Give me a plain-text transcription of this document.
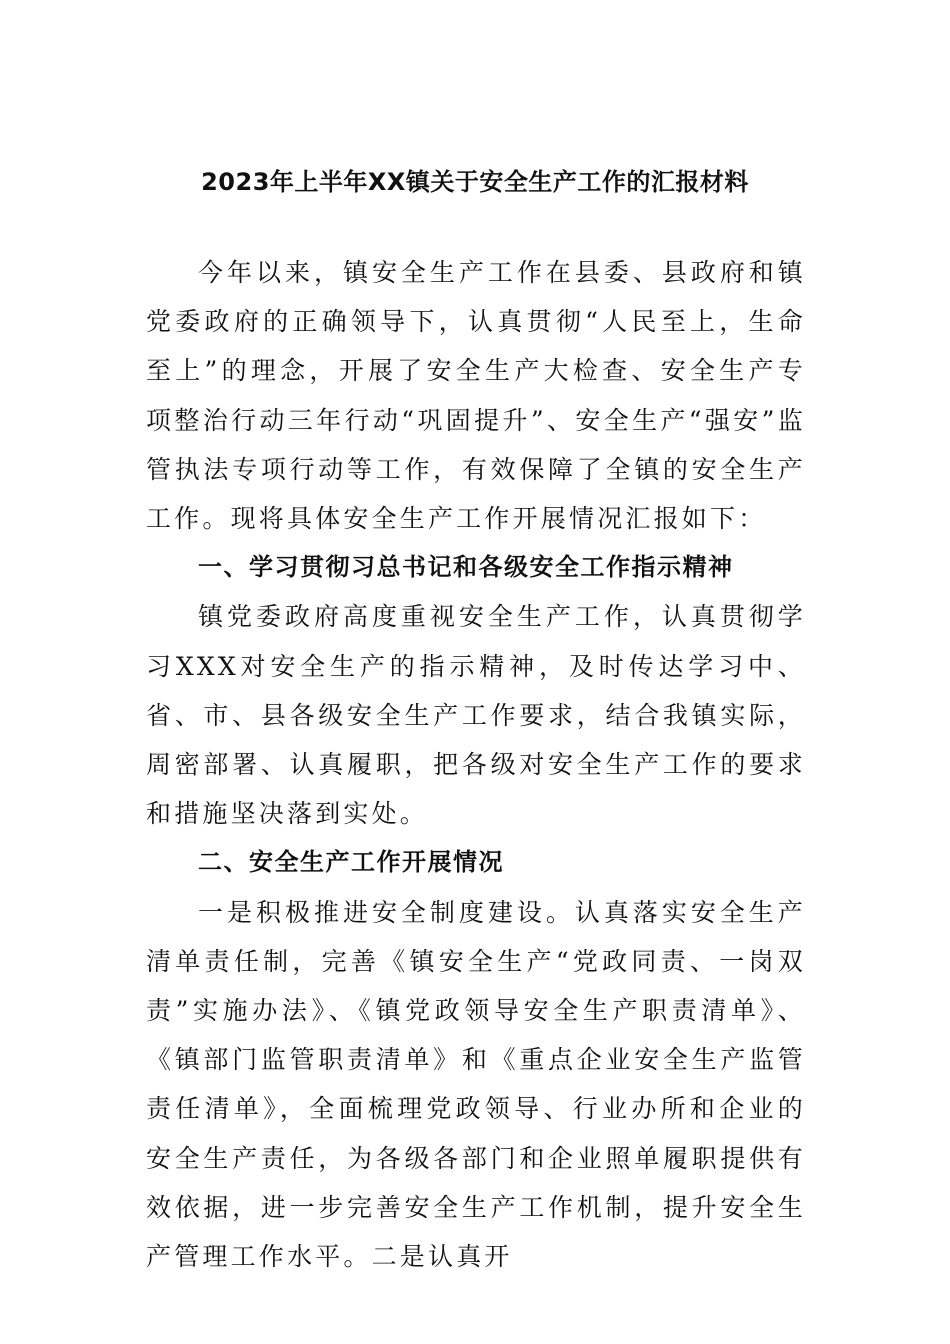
2023年上半年XX镇关于安全生产工作的汇报材料

今年以来，镇安全生产工作在县委、县政府和镇党委政府的正确领导下，认真贯彻“人民至上，生命至上”的理念，开展了安全生产大检查、安全生产专项整治行动三年行动“巩固提升”、安全生产“强安”监管执法专项行动等工作，有效保障了全镇的安全生产工作。现将具体安全生产工作开展情况汇报如下：

一、学习贯彻习总书记和各级安全工作指示精神

镇党委政府高度重视安全生产工作，认真贯彻学习XXX对安全生产的指示精神，及时传达学习中、省、市、县各级安全生产工作要求，结合我镇实际，周密部署、认真履职，把各级对安全生产工作的要求和措施坚决落到实处。

二、安全生产工作开展情况

一是积极推进安全制度建设。认真落实安全生产清单责任制，完善《镇安全生产“党政同责、一岗双责”实施办法》、《镇党政领导安全生产职责清单》、《镇部门监管职责清单》和《重点企业安全生产监管责任清单》，全面梳理党政领导、行业办所和企业的安全生产责任，为各级各部门和企业照单履职提供有效依据，进一步完善安全生产工作机制，提升安全生产管理工作水平。二是认真开
